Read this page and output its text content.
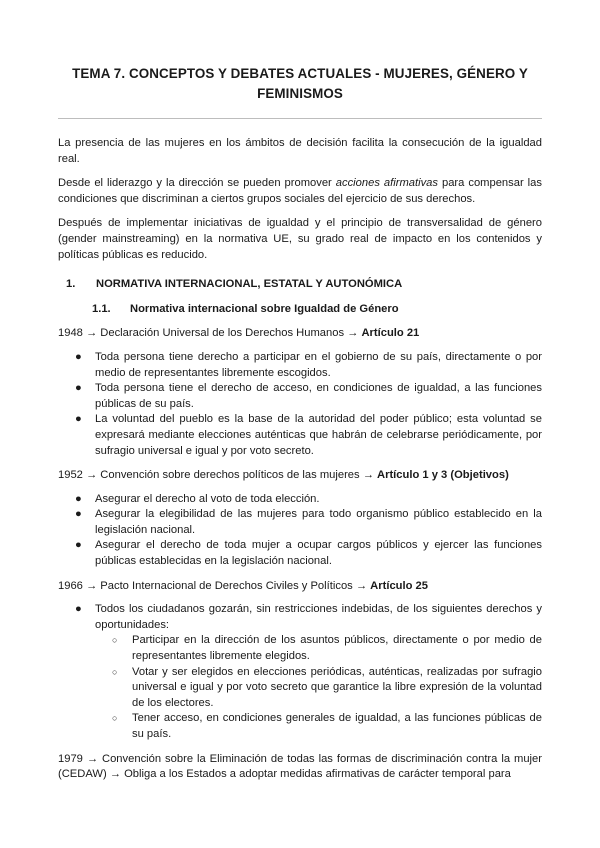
TEMA 7. CONCEPTOS Y DEBATES ACTUALES - MUJERES, GÉNERO Y FEMINISMOS

La presencia de las mujeres en los ámbitos de decisión facilita la consecución de la igualdad real.

Desde el liderazgo y la dirección se pueden promover acciones afirmativas para compensar las condiciones que discriminan a ciertos grupos sociales del ejercicio de sus derechos.

Después de implementar iniciativas de igualdad y el principio de transversalidad de género (gender mainstreaming) en la normativa UE, su grado real de impacto en los contenidos y políticas públicas es reducido.

1.	NORMATIVA INTERNACIONAL, ESTATAL Y AUTONÓMICA
1.1.	Normativa internacional sobre Igualdad de Género
1948 → Declaración Universal de los Derechos Humanos → Artículo 21
● Toda persona tiene derecho a participar en el gobierno de su país, directamente o por medio de representantes libremente escogidos.
● Toda persona tiene el derecho de acceso, en condiciones de igualdad, a las funciones públicas de su país.
● La voluntad del pueblo es la base de la autoridad del poder público; esta voluntad se expresará mediante elecciones auténticas que habrán de celebrarse periódicamente, por sufragio universal e igual y por voto secreto.
1952 → Convención sobre derechos políticos de las mujeres → Artículo 1 y 3 (Objetivos)
● Asegurar el derecho al voto de toda elección.
● Asegurar la elegibilidad de las mujeres para todo organismo público establecido en la legislación nacional.
● Asegurar el derecho de toda mujer a ocupar cargos públicos y ejercer las funciones públicas establecidas en la legislación nacional.
1966 → Pacto Internacional de Derechos Civiles y Políticos → Artículo 25
● Todos los ciudadanos gozarán, sin restricciones indebidas, de los siguientes derechos y oportunidades:
○ Participar en la dirección de los asuntos públicos, directamente o por medio de representantes libremente elegidos.
○ Votar y ser elegidos en elecciones periódicas, auténticas, realizadas por sufragio universal e igual y por voto secreto que garantice la libre expresión de la voluntad de los electores.
○ Tener acceso, en condiciones generales de igualdad, a las funciones públicas de su país.

1979 → Convención sobre la Eliminación de todas las formas de discriminación contra la mujer (CEDAW) → Obliga a los Estados a adoptar medidas afirmativas de carácter temporal para
